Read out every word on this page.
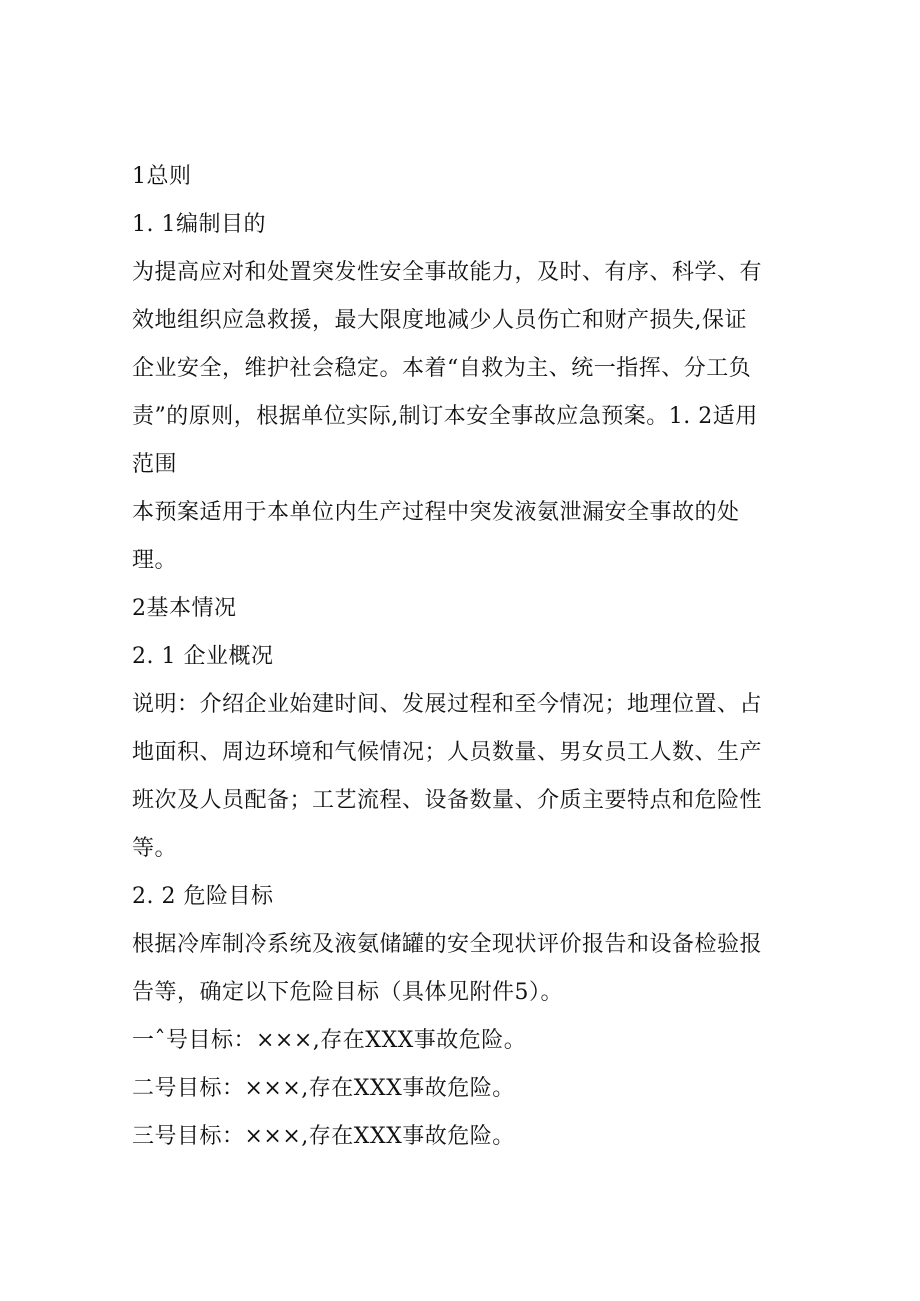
1总则
1. 1编制目的
为提高应对和处置突发性安全事故能力，及时、有序、科学、有
效地组织应急救援，最大限度地减少人员伤亡和财产损失,保证
企业安全，维护社会稳定。本着“自救为主、统一指挥、分工负
责”的原则，根据单位实际,制订本安全事故应急预案。1. 2适用
范围
本预案适用于本单位内生产过程中突发液氨泄漏安全事故的处
理。
2基本情况
2. 1 企业概况
说明：介绍企业始建时间、发展过程和至今情况；地理位置、占
地面积、周边环境和气候情况；人员数量、男女员工人数、生产
班次及人员配备；工艺流程、设备数量、介质主要特点和危险性
等。
2. 2 危险目标
根据冷库制冷系统及液氨储罐的安全现状评价报告和设备检验报
告等，确定以下危险目标（具体见附件5）。
一ˆ号目标：×××,存在XXX事故危险。
二号目标：×××,存在XXX事故危险。
三号目标：×××,存在XXX事故危险。
